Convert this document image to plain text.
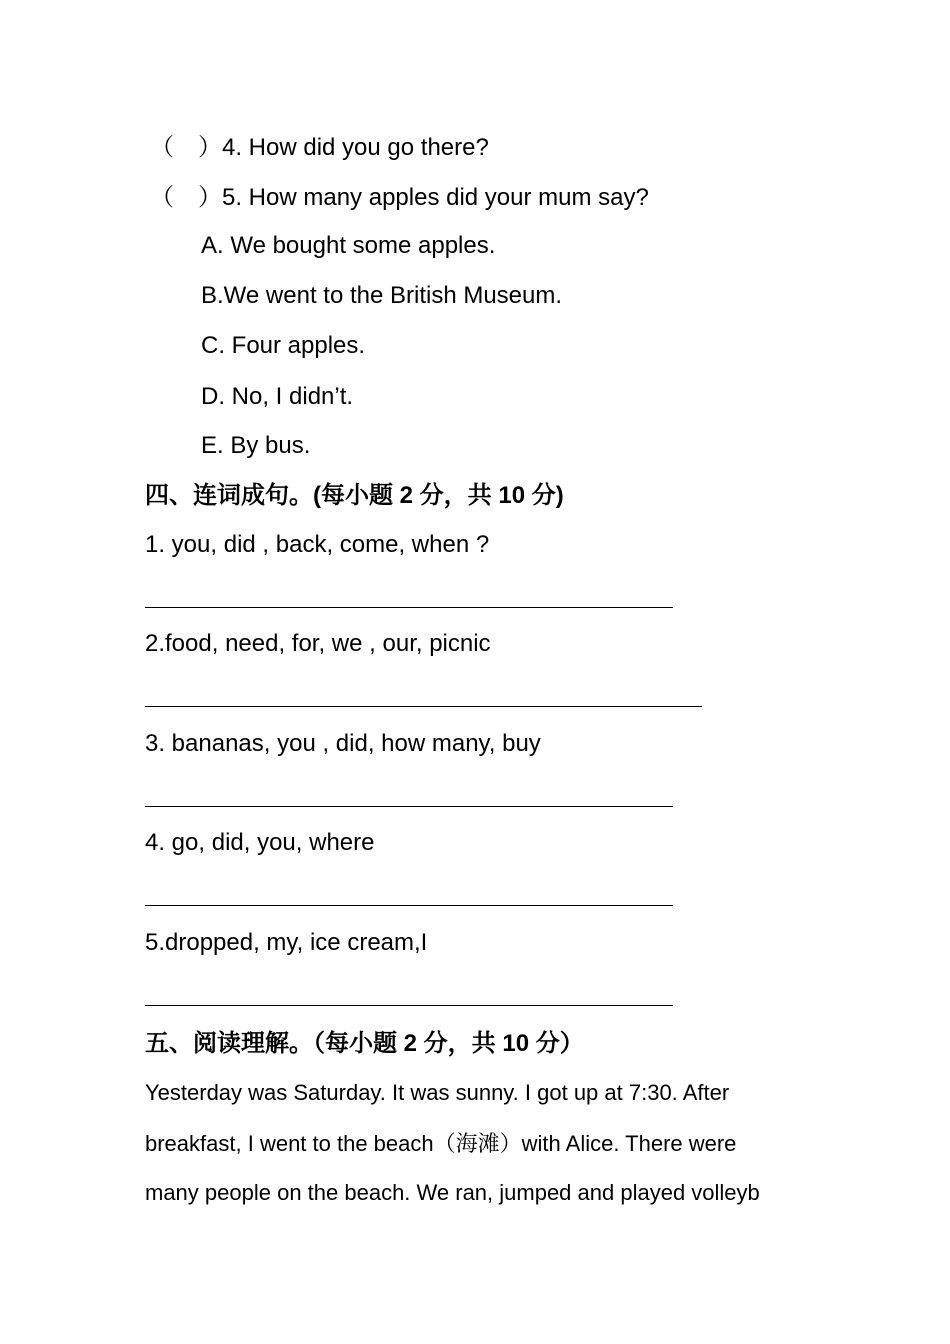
（　）4. How did you go there?
（　）5. How many apples did your mum say?
A. We bought some apples.
B.We went to the British Museum.
C. Four apples.
D. No, I didn’t.
E. By bus.
四、连词成句。(每小题 2 分，共 10 分)
1. you, did , back, come, when ?
2.food, need, for, we , our, picnic
3. bananas, you , did, how many, buy
4. go, did, you, where
5.dropped, my, ice cream,I
五、阅读理解。（每小题 2 分，共 10 分）
Yesterday was Saturday. It was sunny. I got up at 7:30. After
breakfast, I went to the beach（海滩）with Alice. There were
many people on the beach. We ran, jumped and played volleyb
